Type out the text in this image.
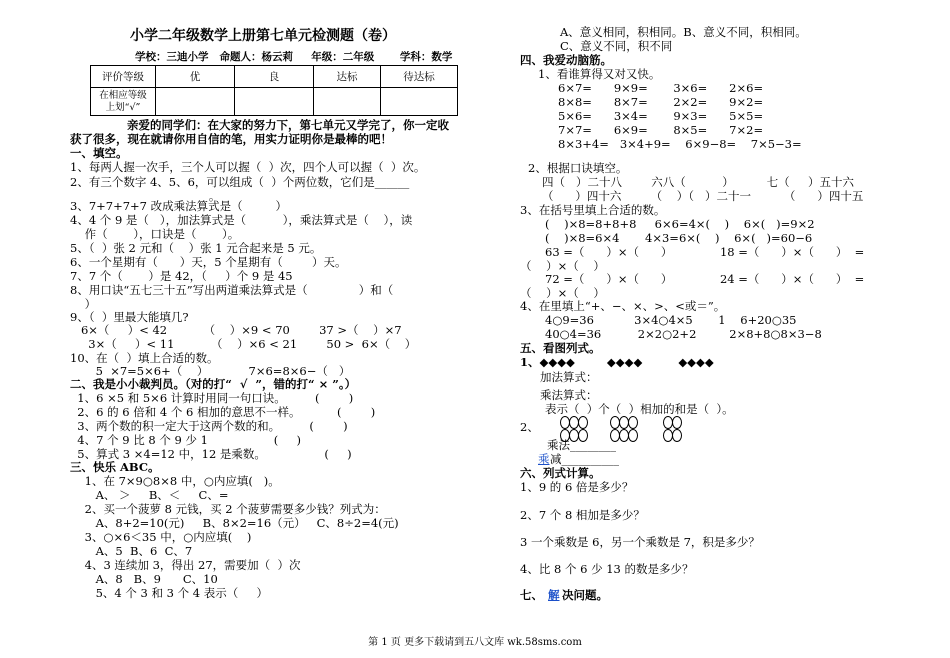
评价等级	优	良	达标	待达标
在相应等级
上划“√”				
小学二年级数学上册第七单元检测题（卷）
学校：三迪小学   命题人：杨云莉     年级：二年级       学科：数学
亲爱的同学们：在大家的努力下，第七单元又学完了，你一定收
获了很多，现在就请你用自信的笔，用实力证明你是最棒的吧！
一、填空。
1、每两人握一次手，三个人可以握（  ）次，四个人可以握（  ）次。
2、有三个数字 4、5、6，可以组成（  ）个两位数，它们是______
。
3、7+7+7+7 改成乘法算式是（         ）
4、4 个 9 是（   ），加法算式是（          ），乘法算式是（    ），读
作（       ），口诀是（       ）。
5、（  ）张 2 元和（    ）张 1 元合起来是 5 元。
6、一个星期有（      ）天，5 个星期有（        ）天。
7、7 个（       ）是 42，（     ）个 9 是 45
8、用口诀“五七三十五”写出两道乘法算式是（              ）和（
）
9、（  ）里最大能填几?
6×（     ）< 42          （    ）×9 < 70        37 >（    ）×7
3×（     ）< 11          （    ）×6 < 21        50 >  6×（    ）
10、在（  ）填上合适的数。
5  ×7=5×6+（    ）           7×6=8×6−（   ）
二、我是小小裁判员。（对的打“  √  ”，错的打“ × ”。）
1、6 ×5 和 5×6 计算时用同一句口诀。        (        )
2、6 的 6 倍和 4 个 6 相加的意思不一样。          (        )
3、两个数的积一定大于这两个数的和。        (        )
4、7 个 9 比 8 个 9 少 1                  (     )
5、算式 3 ×4=12 中，12 是乘数。                (     )
三、快乐 ABC。
1、在 7×9○8×8 中，○内应填(   )。
A、 ＞     B、＜     C、=
2、买一个菠萝 8 元钱，买 2 个菠萝需要多少钱？列式为：
A、8+2=10(元)     B、8×2=16（元）   C、8÷2=4(元)
3、○×6＜35 中，○内应填(    )
A、5  B、6  C、7
4、3 连续加 3，得出 27，需要加（  ）次
A、8   B、9      C、10
5、4 个 3 和 3 个 4 表示（     ）
A、意义相同，积相同。B、意义不同，积相同。
C、意义不同，积不同
四、我爱动脑筋。
1、看谁算得又对又快。
6×7=      9×9=       3×6=      2×6=
8×8=      8×7=       2×2=      9×2=
5×6=      3×4=       9×3=      5×5=
7×7=      6×9=       8×5=      7×2=
8×3+4=   3×4+9=    6×9−8=    7×5−3=
2、根据口诀填空。
四（   ）二十八        六八（          ）         七（     ）五十六
（      ）四十六        （    ）（   ）二十一         （      ）四十五
3、在括号里填上合适的数。
(    )×8=8+8+8     6×6=4×(    )    6×(   )=9×2
(    )×8=6×4       4×3=6×(    )    6×(   )=60−6
63 =（      ）×（      ）             18 =（      ）×（      ）  =
（    ）×（    ）
72 =（      ）×（      ）             24 =（      ）×（      ）  =
（    ）×（    ）
4、在里填上“+、−、×、>、<或＝”。
4○9=36           3×4○4×5       1    6+20○35
40○4=36          2×2○2+2         2×8+8○8×3−8
五、看图列式。
1、◆◆◆◆        ◆◆◆◆         ◆◆◆◆
加法算式：
乘法算式：
表示（  ）个（  ）相加的和是（  ）。
2、
乘法________
乘 减__________
六、列式计算。
1、9 的 6 倍是多少？
2、7 个 8 相加是多少？
3 一个乘数是 6，另一个乘数是 7，积是多少？
4、比 8 个 6 少 13 的数是多少？
七、 解 决问题。
第 1 页 更多下载请到五八文库 wk.58sms.com
